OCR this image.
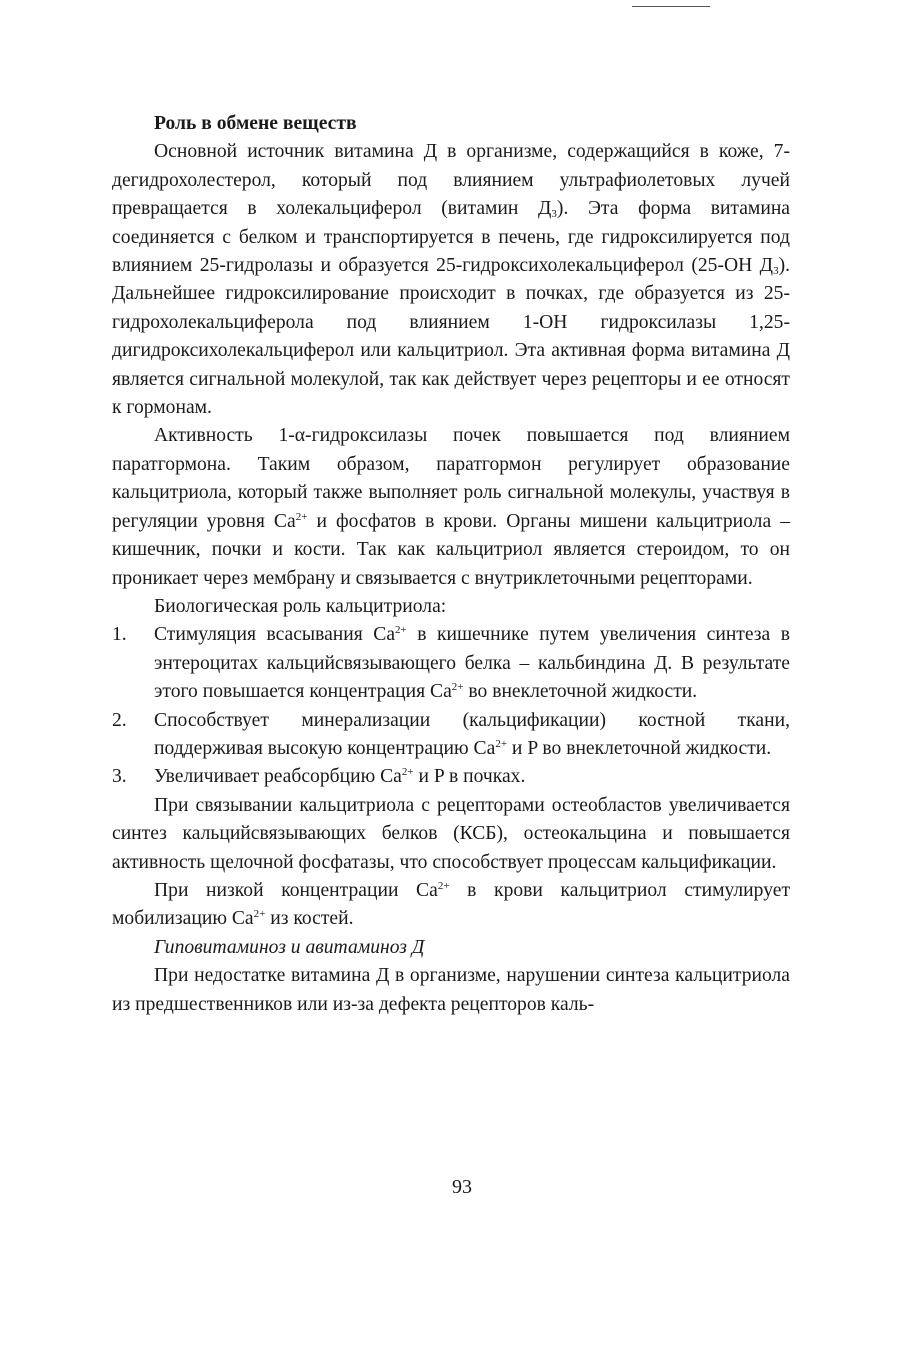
Роль в обмене веществ

Основной источник витамина Д в организме, содержащийся в коже, 7-дегидрохолестерол, который под влиянием ультрафиолетовых лучей превращается в холекальциферол (витамин $Д_3$). Эта форма витамина соединяется с белком и транспортируется в печень, где гидроксилируется под влиянием 25-гидролазы и образуется 25-гидроксихолекальциферол (25-ОН $Д_3$). Дальнейшее гидроксилирование происходит в почках, где образуется из 25-гидрохолекальциферола под влиянием 1-ОН гидроксилазы 1,25-дигидроксихолекальциферол или кальцитриол. Эта активная форма витамина Д является сигнальной молекулой, так как действует через рецепторы и ее относят к гормонам.

Активность 1-α-гидроксилазы почек повышается под влиянием паратгормона. Таким образом, паратгормон регулирует образование кальцитриола, который также выполняет роль сигнальной молекулы, участвуя в регуляции уровня $Ca^{2+}$ и фосфатов в крови. Органы мишени кальцитриола – кишечник, почки и кости. Так как кальцитриол является стероидом, то он проникает через мембрану и связывается с внутриклеточными рецепторами.

Биологическая роль кальцитриола:

1.	Стимуляция всасывания $Ca^{2+}$ в кишечнике путем увеличения синтеза в энтероцитах кальцийсвязывающего белка – кальбиндина Д. В результате этого повышается концентрация $Ca^{2+}$ во внеклеточной жидкости.
2.	Способствует минерализации (кальцификации) костной ткани, поддерживая высокую концентрацию $Ca^{2+}$ и P во внеклеточной жидкости.
3.	Увеличивает реабсорбцию $Ca^{2+}$ и P в почках.

При связывании кальцитриола с рецепторами остеобластов увеличивается синтез кальцийсвязывающих белков (КСБ), остеокальцина и повышается активность щелочной фосфатазы, что способствует процессам кальцификации.

При низкой концентрации $Ca^{2+}$ в крови кальцитриол стимулирует мобилизацию $Ca^{2+}$ из костей.

Гиповитаминоз и авитаминоз Д

При недостатке витамина Д в организме, нарушении синтеза кальцитриола из предшественников или из-за дефекта рецепторов каль-

93
